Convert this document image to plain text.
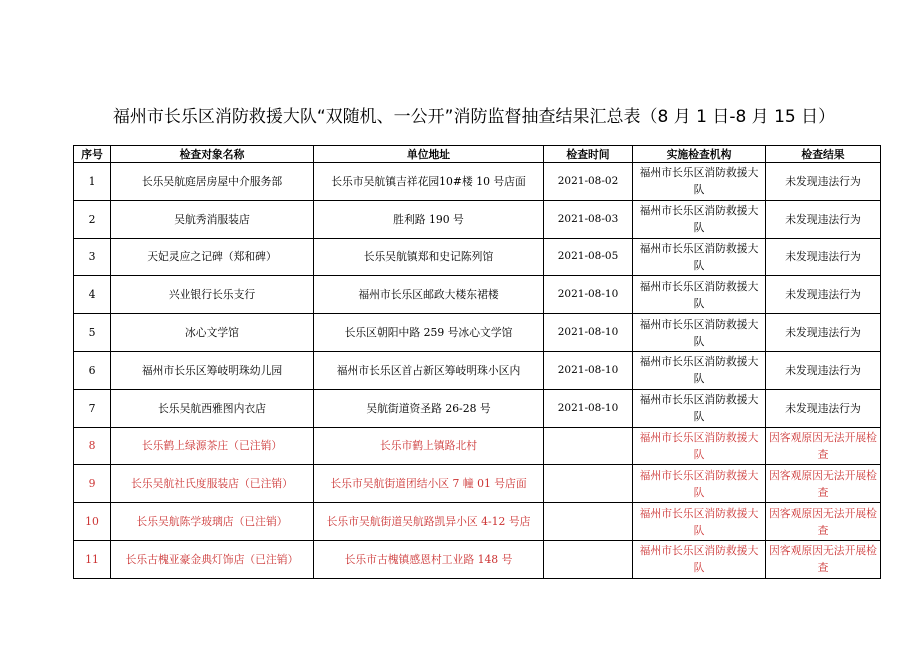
福州市长乐区消防救援大队“双随机、一公开”消防监督抽查结果汇总表（8 月 1 日-8 月 15 日）
序号	检查对象名称	单位地址	检查时间	实施检查机构	检查结果
1	长乐吴航庭居房屋中介服务部	长乐市吴航镇吉祥花园10#楼 10 号店面	2021-08-02	福州市长乐区消防救援大队	未发现违法行为
2	吴航秀消服装店	胜利路 190 号	2021-08-03	福州市长乐区消防救援大队	未发现违法行为
3	天妃灵应之记碑（郑和碑）	长乐吴航镇郑和史记陈列馆	2021-08-05	福州市长乐区消防救援大队	未发现违法行为
4	兴业银行长乐支行	福州市长乐区邮政大楼东裙楼	2021-08-10	福州市长乐区消防救援大队	未发现违法行为
5	冰心文学馆	长乐区朝阳中路 259 号冰心文学馆	2021-08-10	福州市长乐区消防救援大队	未发现违法行为
6	福州市长乐区筹岐明珠幼儿园	福州市长乐区首占新区筹岐明珠小区内	2021-08-10	福州市长乐区消防救援大队	未发现违法行为
7	长乐吴航西雅图内衣店	吴航街道资圣路 26-28 号	2021-08-10	福州市长乐区消防救援大队	未发现违法行为
8	长乐鹤上绿源茶庄（已注销）	长乐市鹤上镇路北村		福州市长乐区消防救援大队	因客观原因无法开展检查
9	长乐吴航社氏度服装店（已注销）	长乐市吴航街道团结小区 7 幢 01 号店面		福州市长乐区消防救援大队	因客观原因无法开展检查
10	长乐吴航陈学玻璃店（已注销）	长乐市吴航街道吴航路凯异小区 4-12 号店		福州市长乐区消防救援大队	因客观原因无法开展检查
11	长乐古槐亚豪金典灯饰店（已注销）	长乐市古槐镇感恩村工业路 148 号		福州市长乐区消防救援大队	因客观原因无法开展检查
